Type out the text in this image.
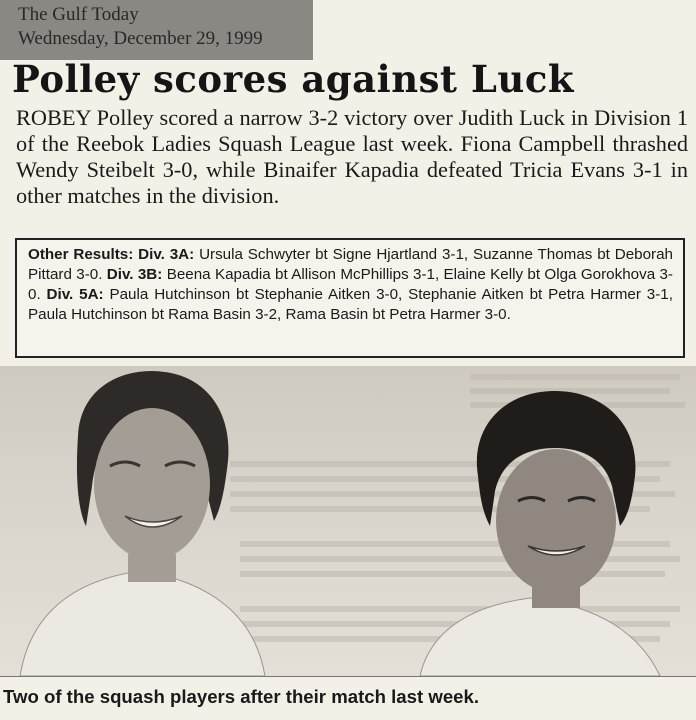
The Gulf Today
Wednesday, December 29, 1999
Polley scores against Luck

ROBEY Polley scored a narrow 3-2 victory over Judith Luck in Division 1 of the Reebok Ladies Squash League last week. Fiona Campbell thrashed Wendy Steibelt 3-0, while Binaifer Kapadia defeated Tricia Evans 3-1 in other matches in the division.

Other Results: Div. 3A: Ursula Schwyter bt Signe Hjartland 3-1, Suzanne Thomas bt Deborah Pittard 3-0. Div. 3B: Beena Kapadia bt Allison McPhillips 3-1, Elaine Kelly bt Olga Gorokhova 3-0. Div. 5A: Paula Hutchinson bt Stephanie Aitken 3-0, Stephanie Aitken bt Petra Harmer 3-1, Paula Hutchinson bt Rama Basin 3-2, Rama Basin bt Petra Harmer 3-0.

Two of the squash players after their match last week.
